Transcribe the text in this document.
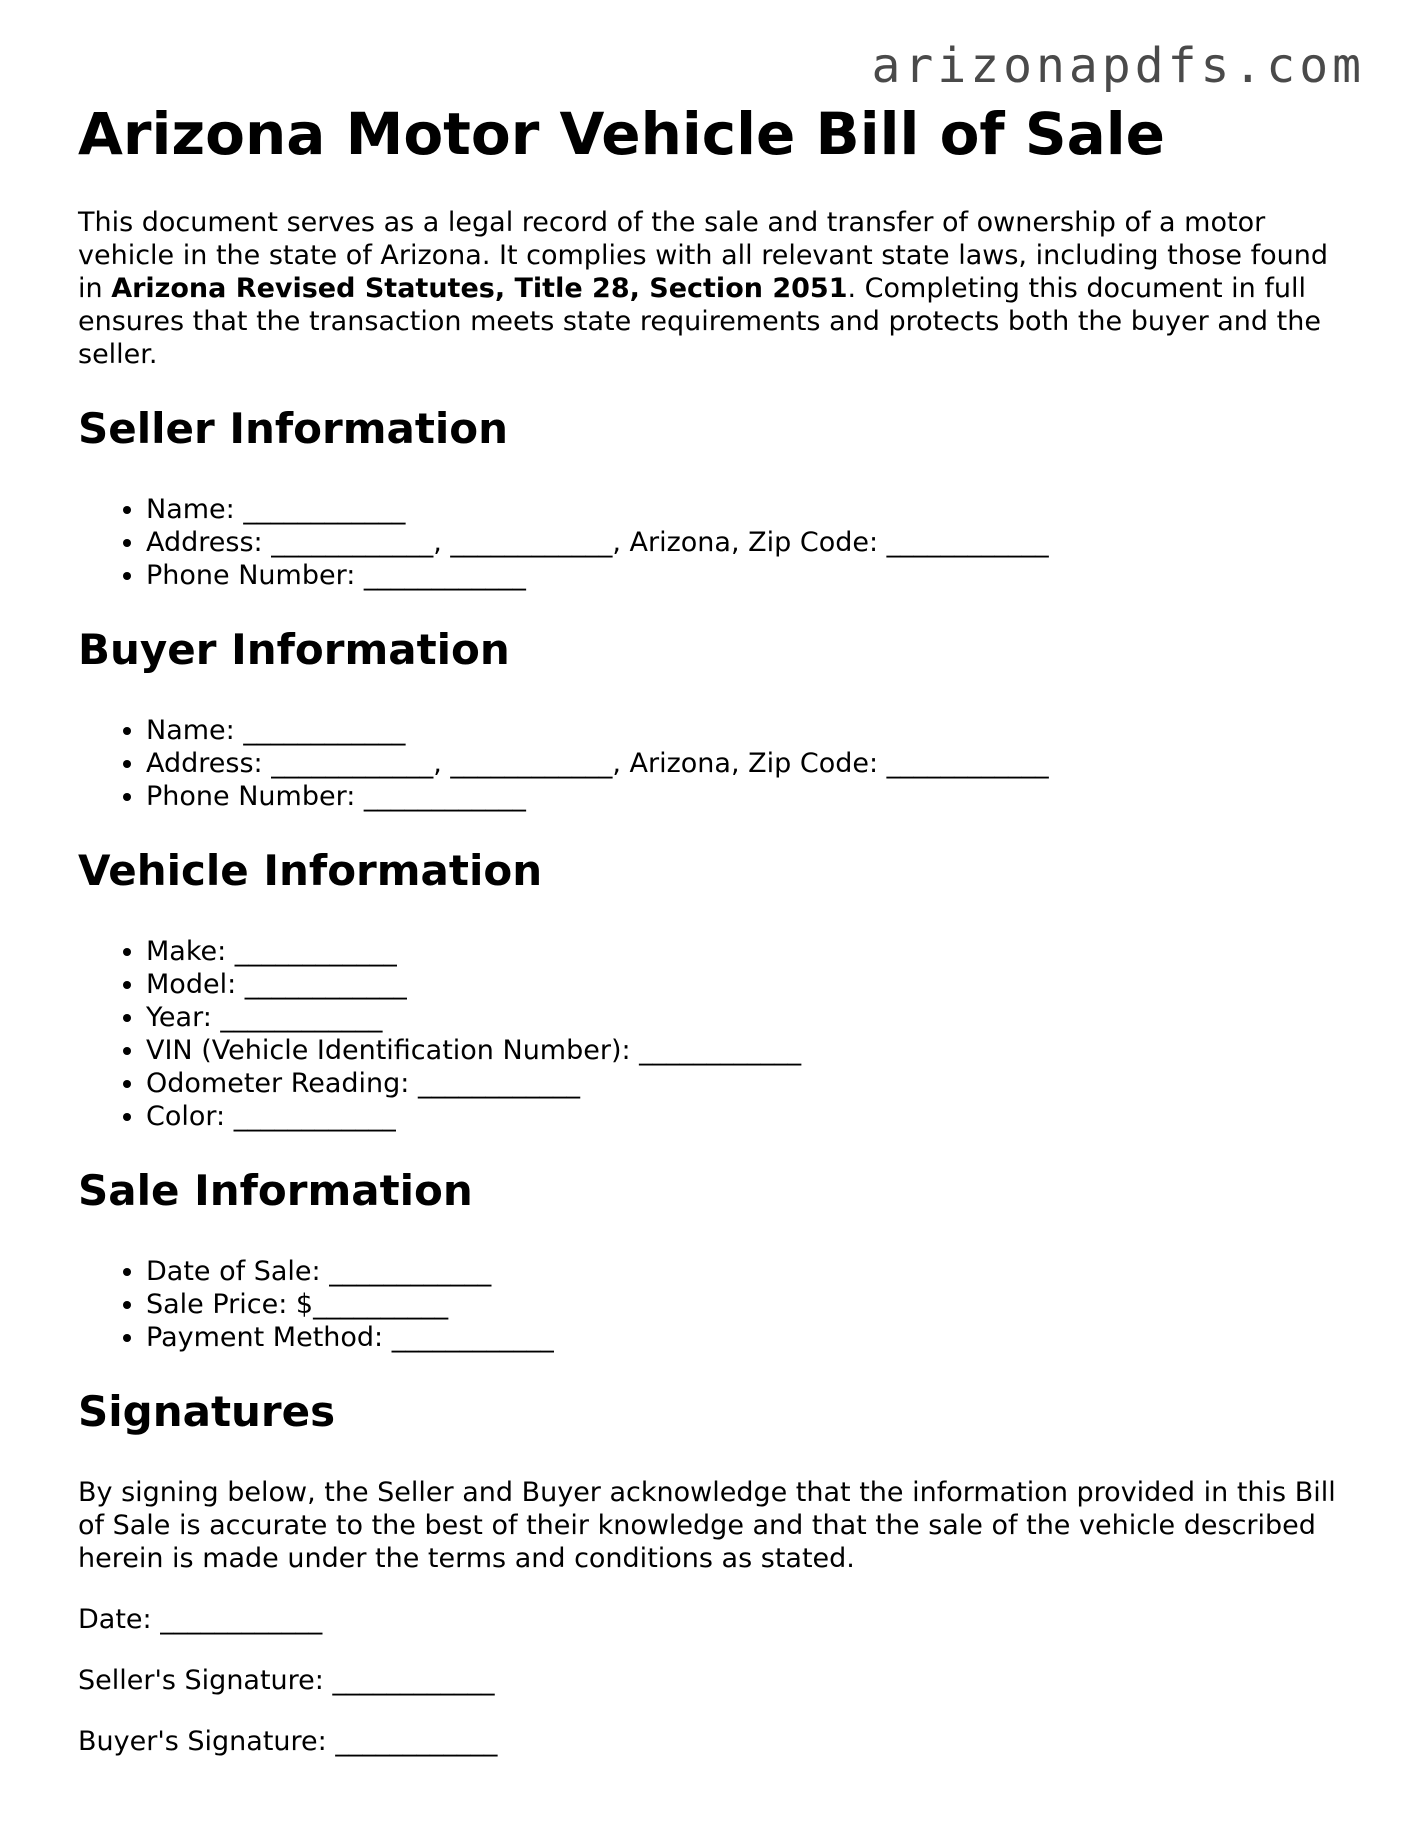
arizonapdfs.com
Arizona Motor Vehicle Bill of Sale

This document serves as a legal record of the sale and transfer of ownership of a motor vehicle in the state of Arizona. It complies with all relevant state laws, including those found in Arizona Revised Statutes, Title 28, Section 2051. Completing this document in full ensures that the transaction meets state requirements and protects both the buyer and the seller.

Seller Information
• Name: ____________
• Address: ____________, ____________, Arizona, Zip Code: ____________
• Phone Number: ____________
Buyer Information
• Name: ____________
• Address: ____________, ____________, Arizona, Zip Code: ____________
• Phone Number: ____________
Vehicle Information
• Make: ____________
• Model: ____________
• Year: ____________
• VIN (Vehicle Identification Number): ____________
• Odometer Reading: ____________
• Color: ____________
Sale Information
• Date of Sale: ____________
• Sale Price: $__________
• Payment Method: ____________
Signatures

By signing below, the Seller and Buyer acknowledge that the information provided in this Bill of Sale is accurate to the best of their knowledge and that the sale of the vehicle described herein is made under the terms and conditions as stated.

Date: ____________

Seller's Signature: ____________

Buyer's Signature: ____________
